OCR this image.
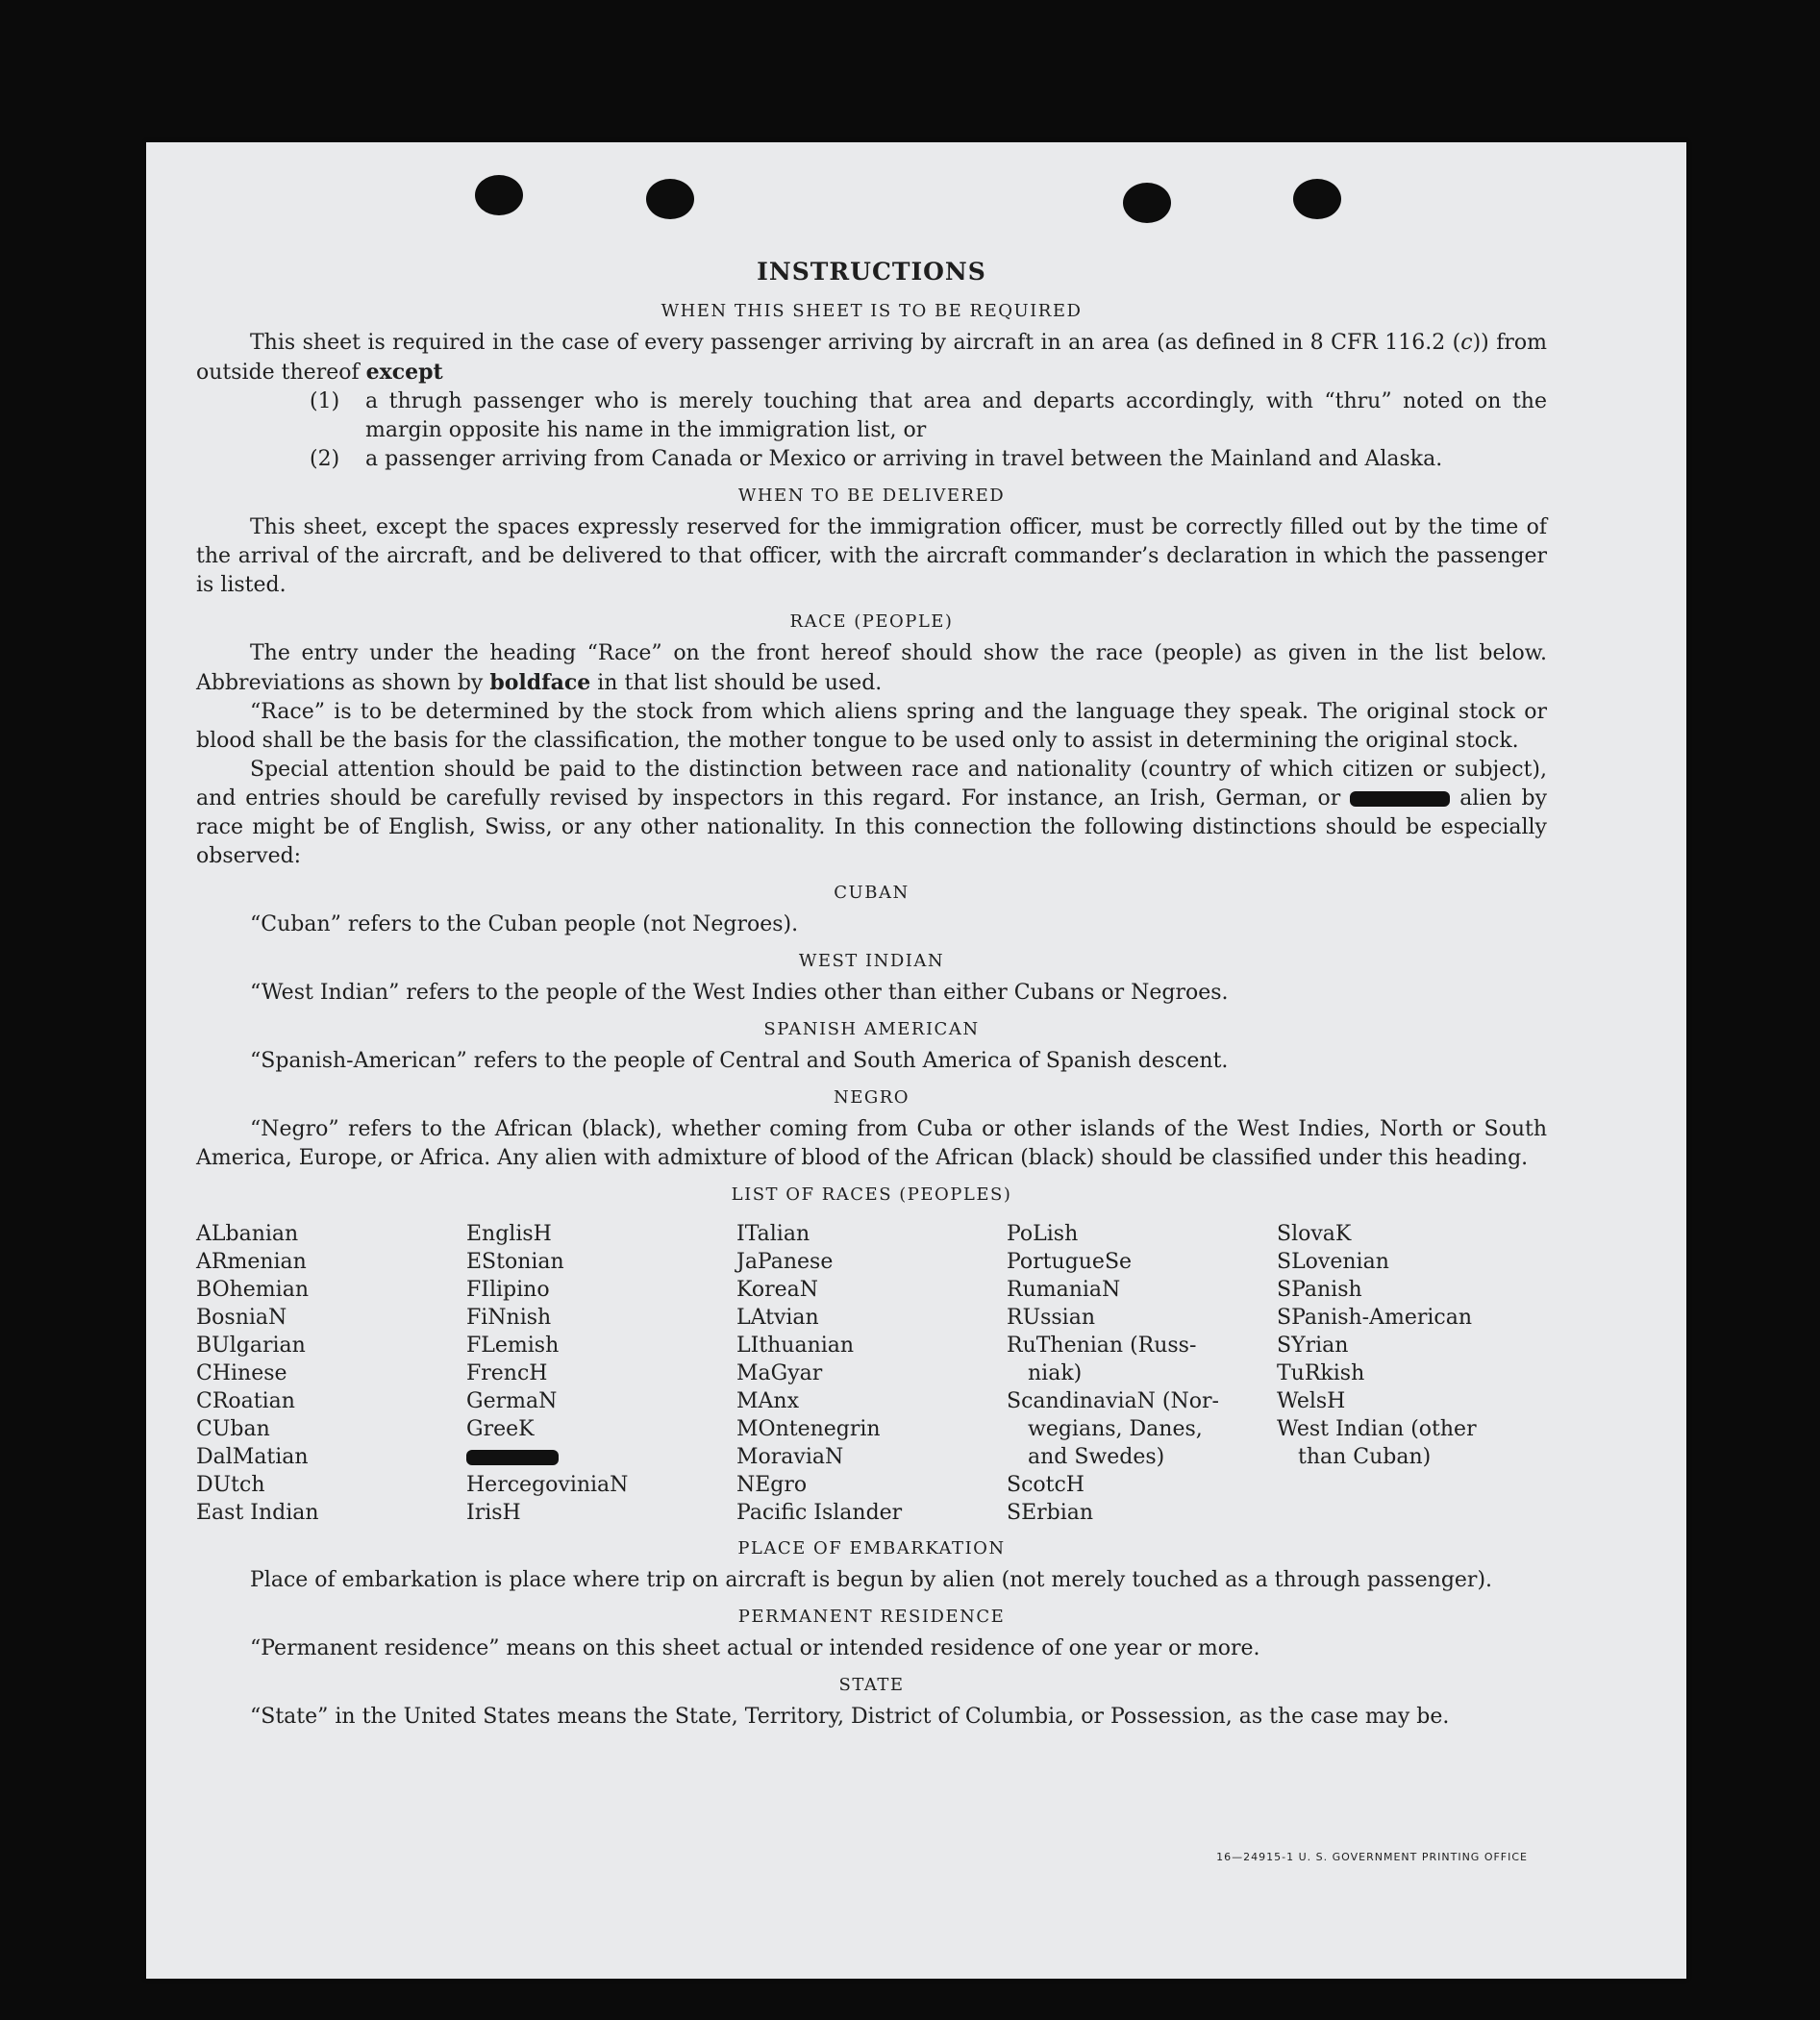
INSTRUCTIONS
WHEN THIS SHEET IS TO BE REQUIRED

This sheet is required in the case of every passenger arriving by aircraft in an area (as defined in 8 CFR 116.2 (c)) from outside thereof except

(1)	a thrugh passenger who is merely touching that area and departs accordingly, with “thru” noted on the margin opposite his name in the immigration list, or
(2)	a passenger arriving from Canada or Mexico or arriving in travel between the Mainland and Alaska.
WHEN TO BE DELIVERED

This sheet, except the spaces expressly reserved for the immigration officer, must be correctly filled out by the time of the arrival of the aircraft, and be delivered to that officer, with the aircraft commander’s declaration in which the passenger is listed.

RACE (PEOPLE)

The entry under the heading “Race” on the front hereof should show the race (people) as given in the list below. Abbreviations as shown by boldface in that list should be used.

“Race” is to be determined by the stock from which aliens spring and the language they speak. The original stock or blood shall be the basis for the classification, the mother tongue to be used only to assist in determining the original stock.

Special attention should be paid to the distinction between race and nationality (country of which citizen or subject), and entries should be carefully revised by inspectors in this regard. For instance, an Irish, German, or	alien by race might be of English, Swiss, or any other nationality. In this connection the following distinctions should be especially observed:

CUBAN
“Cuban” refers to the Cuban people (not Negroes).
WEST INDIAN
“West Indian” refers to the people of the West Indies other than either Cubans or Negroes.
SPANISH AMERICAN
“Spanish-American” refers to the people of Central and South America of Spanish descent.
NEGRO

“Negro” refers to the African (black), whether coming from Cuba or other islands of the West Indies, North or South America, Europe, or Africa. Any alien with admixture of blood of the African (black) should be classified under this heading.

LIST OF RACES (PEOPLES)
ALbanian
ARmenian
BOhemian
BosniaN
BUlgarian
CHinese
CRoatian
CUban
DalMatian
DUtch
East Indian
EnglisH
EStonian
FIlipino
FiNnish
FLemish
FrencH
GermaN
GreeK
HercegoviniaN
IrisH
ITalian
JaPanese
KoreaN
LAtvian
LIthuanian
MaGyar
MAnx
MOntenegrin
MoraviaN
NEgro
Pacific Islander
PoLish
PortugueSe
RumaniaN
RUssian
RuThenian (Russ-
niak)
ScandinaviaN (Nor-
wegians, Danes,
and Swedes)
ScotcH
SErbian
SlovaK
SLovenian
SPanish
SPanish-American
SYrian
TuRkish
WelsH
West Indian (other
than Cuban)
PLACE OF EMBARKATION

Place of embarkation is place where trip on aircraft is begun by alien (not merely touched as a through passenger).

PERMANENT RESIDENCE
“Permanent residence” means on this sheet actual or intended residence of one year or more.
STATE

“State” in the United States means the State, Territory, District of Columbia, or Possession, as the case may be.

16—24915-1 U. S. GOVERNMENT PRINTING OFFICE
